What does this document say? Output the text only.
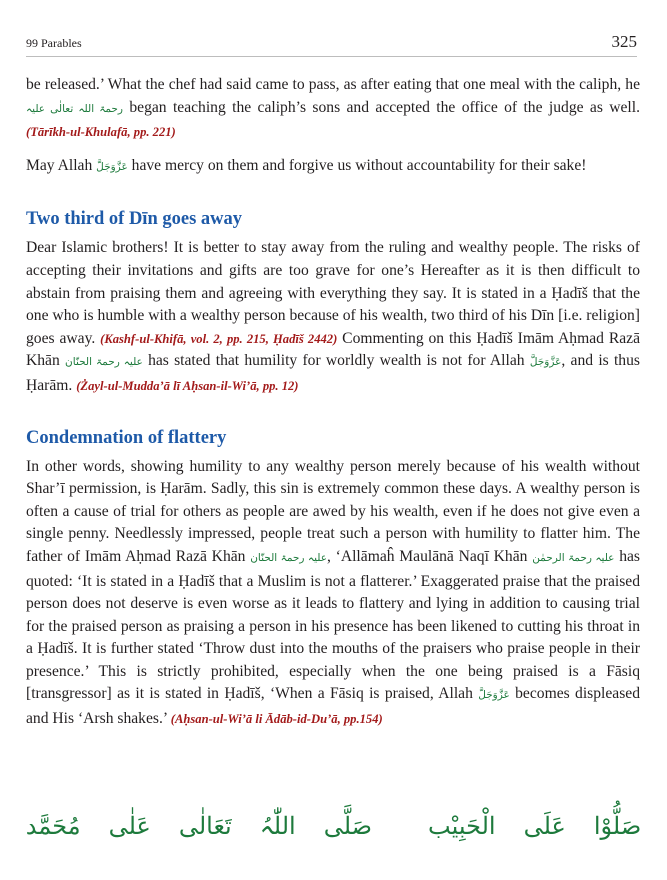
99 Parables	325

be released.’ What the chef had said came to pass, as after eating that one meal with the caliph, he رحمۃ اللہ تعالٰی علیہ began teaching the caliph’s sons and accepted the office of the judge as well. (Tārīkh-ul-Khulafā, pp. 221)

May Allah عَزَّوَجَلَّ have mercy on them and forgive us without accountability for their sake!

Two third of Dīn goes away

Dear Islamic brothers! It is better to stay away from the ruling and wealthy people. The risks of accepting their invitations and gifts are too grave for one’s Hereafter as it is then difficult to abstain from praising them and agreeing with everything they say. It is stated in a Ḥadīš that the one who is humble with a wealthy person because of his wealth, two third of his Dīn [i.e. religion] goes away. (Kashf-ul-Khifā, vol. 2, pp. 215, Ḥadīš 2442) Commenting on this Ḥadīš Imām Aḥmad Razā Khān علیہ رحمۃ الحنّان has stated that humility for worldly wealth is not for Allah عَزَّوَجَلَّ, and is thus Ḥarām. (Żayl-ul-Mudda’ā lī Aḥsan-il-Wi’ā, pp. 12)

Condemnation of flattery

In other words, showing humility to any wealthy person merely because of his wealth without Shar’ī permission, is Ḥarām. Sadly, this sin is extremely common these days. A wealthy person is often a cause of trial for others as people are awed by his wealth, even if he does not give even a single penny. Needlessly impressed, people treat such a person with humility to flatter him. The father of Imām Aḥmad Razā Khān علیہ رحمۃ الحنّان, ‘Allāmaĥ Maulānā Naqī Khān علیہ رحمۃ الرحمٰن has quoted: ‘It is stated in a Ḥadīš that a Muslim is not a flatterer.’ Exaggerated praise that the praised person does not deserve is even worse as it leads to flattery and lying in addition to causing trial for the praised person as praising a person in his presence has been likened to cutting his throat in a Ḥadīš. It is further stated ‘Throw dust into the mouths of the praisers who praise people in their presence.’ This is strictly prohibited, especially when the one being praised is a Fāsiq [transgressor] as it is stated in Ḥadīš, ‘When a Fāsiq is praised, Allah عَزَّوَجَلَّ becomes displeased and His ‘Arsh shakes.’ (Aḥsan-ul-Wi’ā li Ādāb-id-Du’ā, pp.154)

صَلُّوْا عَلَی الْحَبِیْب صَلَّی اللّٰہُ تَعَالٰی عَلٰی مُحَمَّد
